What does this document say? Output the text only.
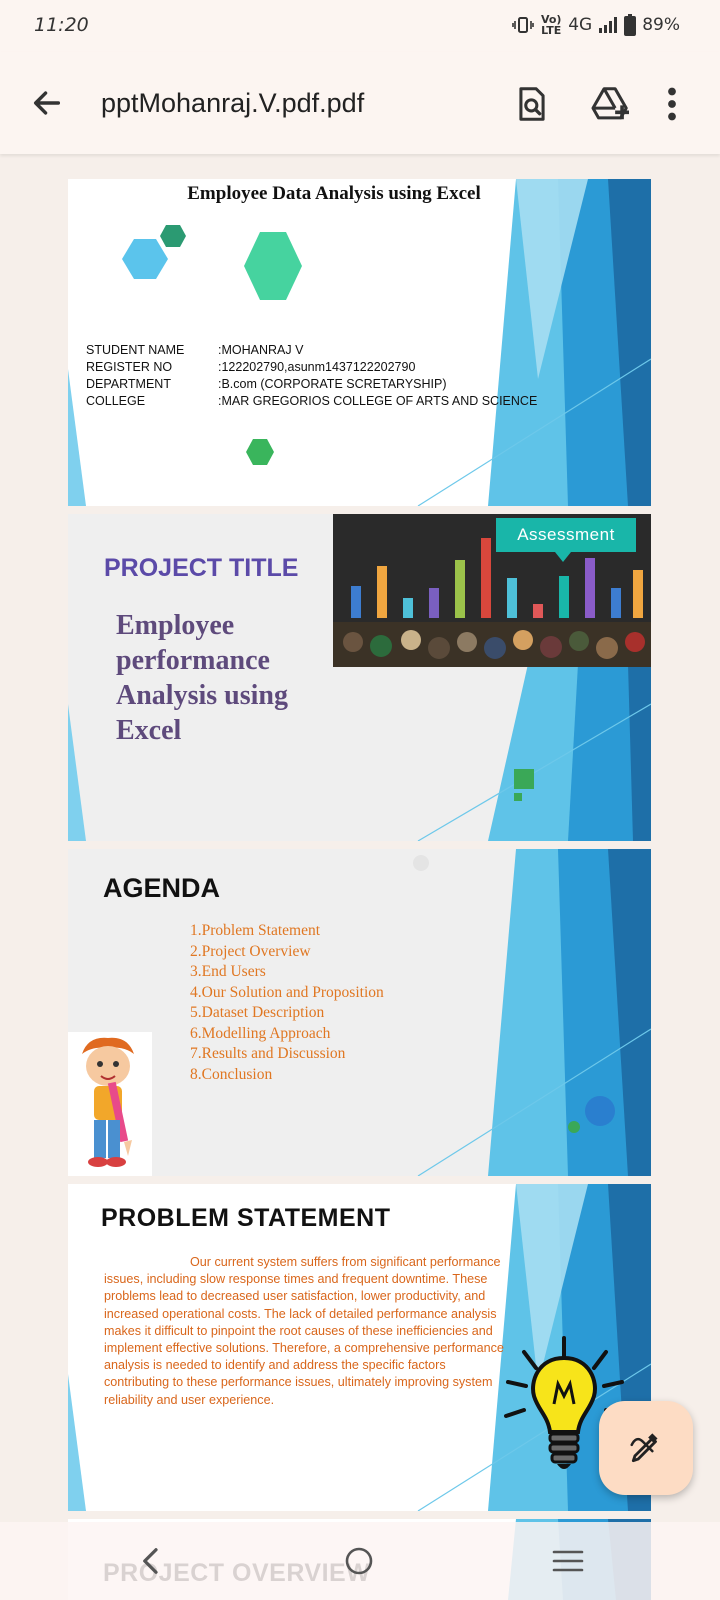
11:20	Vo) LTE 4G	89%
pptMohanraj.V.pdf.pdf
Employee Data Analysis using Excel
STUDENT NAME	:MOHANRAJ V
REGISTER NO	:122202790,asunm1437122202790
DEPARTMENT	:B.com (CORPORATE SCRETARYSHIP)
COLLEGE	:MAR GREGORIOS COLLEGE OF ARTS AND SCIENCE
PROJECT TITLE
Employee performance Analysis using Excel
Assessment
AGENDA
1.Problem Statement
2.Project Overview
3.End Users
4.Our Solution and Proposition
5.Dataset Description
6.Modelling Approach
7.Results and Discussion
8.Conclusion
PROBLEM STATEMENT

Our current system suffers from significant performance issues, including slow response times and frequent downtime. These problems lead to decreased user satisfaction, lower productivity, and increased operational costs. The lack of detailed performance analysis makes it difficult to pinpoint the root causes of these inefficiencies and implement effective solutions. Therefore, a comprehensive performance analysis is needed to identify and address the specific factors contributing to these performance issues, ultimately improving system reliability and user experience.
